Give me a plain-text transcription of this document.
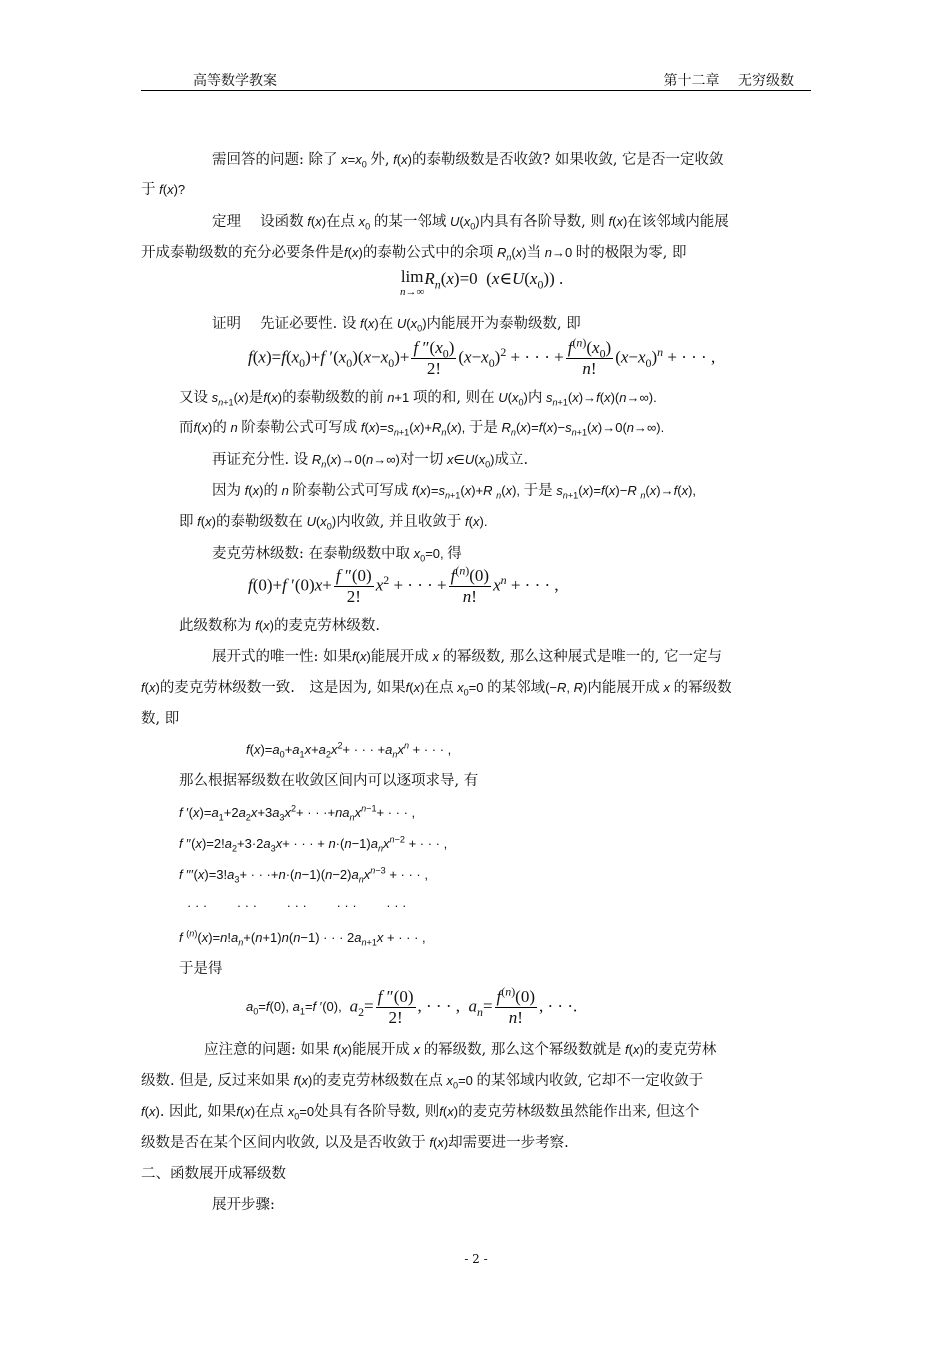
高等数学教案	第十二章　 无穷级数
需回答的问题: 除了 $x=x_0$ 外, f(x)的泰勒级数是否收敛? 如果收敛, 它是否一定收敛
于 f(x)?
定理　 设函数 f(x)在点 $x_0$ 的某一邻域 $U(x_0)$内具有各阶导数, 则 f(x)在该邻域内能展
开成泰勒级数的充分必要条件是f(x)的泰勒公式中的余项 $R_n(x)$当 n→0 时的极限为零, 即
lim
n→∞
$R_n(x)=0$  $(x\in U(x_0))$ .
证明　 先证必要性. 设 f(x)在 $U(x_0)$内能展开为泰勒级数, 即
$f(x)=f(x_0)+f$ $'(x_0)(x-x_0)+ \frac{f ''(x_0)}{2!} (x-x_0)^2$ + · · · + $\frac{f^{(n)}(x_0)}{n!} (x-x_0)^n$ + · · · ,
又设 $s_{n+1}(x)$是f(x)的泰勒级数的前 n+1 项的和, 则在 $U(x_0)$内 $s_{n+1}(x)\to f(x)(n\to\infty)$.
而f(x)的 n 阶泰勒公式可写成 $f(x)=s_{n+1}(x)+R_n(x)$, 于是 $R_n(x)=f(x)-s_{n+1}(x)\to 0(n\to\infty)$.
再证充分性. 设 $R_n(x)\to 0(n\to\infty)$对一切 $x\in U(x_0)$成立.
因为 f(x)的 n 阶泰勒公式可写成 $f(x)=s_{n+1}(x)+R$ $_n$(x), 于是 $s_{n+1}(x)=f(x)-R$ $_n$(x)→f(x),
即 f(x)的泰勒级数在 $U(x_0)$内收敛, 并且收敛于 f(x).
麦克劳林级数: 在泰勒级数中取 $x_0=0$, 得
f(0)+f $'(0)x+ \frac{f ''(0)}{2!} x^2$ + · · · + $\frac{f^{(n)}(0)}{n!} x^n$ + · · · ,
此级数称为 f(x)的麦克劳林级数.
展开式的唯一性: 如果f(x)能展开成 x 的幂级数, 那么这种展式是唯一的, 它一定与
f(x)的麦克劳林级数一致.　这是因为, 如果f(x)在点 $x_0=0$ 的某邻域(−R, R)内能展开成 x 的幂级数
数, 即
$f(x)=a_0+a_1x+a_2x^2+$ · · · $+a_nx^n$ + · · · ,
那么根据幂级数在收敛区间内可以逐项求导, 有
f $'(x)=a_1+2a_2x+3a_3x^2+$ · · $\cdot+na_nx^{n-1}+$ · · · ,
f $''(x)=2!a_2+3\cdot 2a_3x+$ · · · + $n\cdot(n-1)a_nx^{n-2}$ + · · · ,
f $'''(x)=3!a_3+$ · · $\cdot+n\cdot(n-1)(n-2)a_nx^{n-3}$ + · · · ,
· · ·　　 · · ·　　 · · ·　　 · · ·　　 · · ·
f $^{(n)}(x)=n!a_n+(n+1)n(n-1)$ · · · $2a_{n+1}x$ + · · · ,
于是得
$a_0=f(0)$, $a_1=f$ ′(0),  $a_2= \frac{f ''(0)}{2!}$ , · · · ,  $a_n= \frac{f^{(n)}(0)}{n!}$ , · · ·.
应注意的问题: 如果 f(x)能展开成 x 的幂级数, 那么这个幂级数就是 f(x)的麦克劳林
级数. 但是, 反过来如果 f(x)的麦克劳林级数在点 $x_0=0$ 的某邻域内收敛, 它却不一定收敛于
f(x). 因此, 如果f(x)在点 $x_0=0$处具有各阶导数, 则f(x)的麦克劳林级数虽然能作出来, 但这个
级数是否在某个区间内收敛, 以及是否收敛于 f(x)却需要进一步考察.
二、函数展开成幂级数
展开步骤:
- 2 -
